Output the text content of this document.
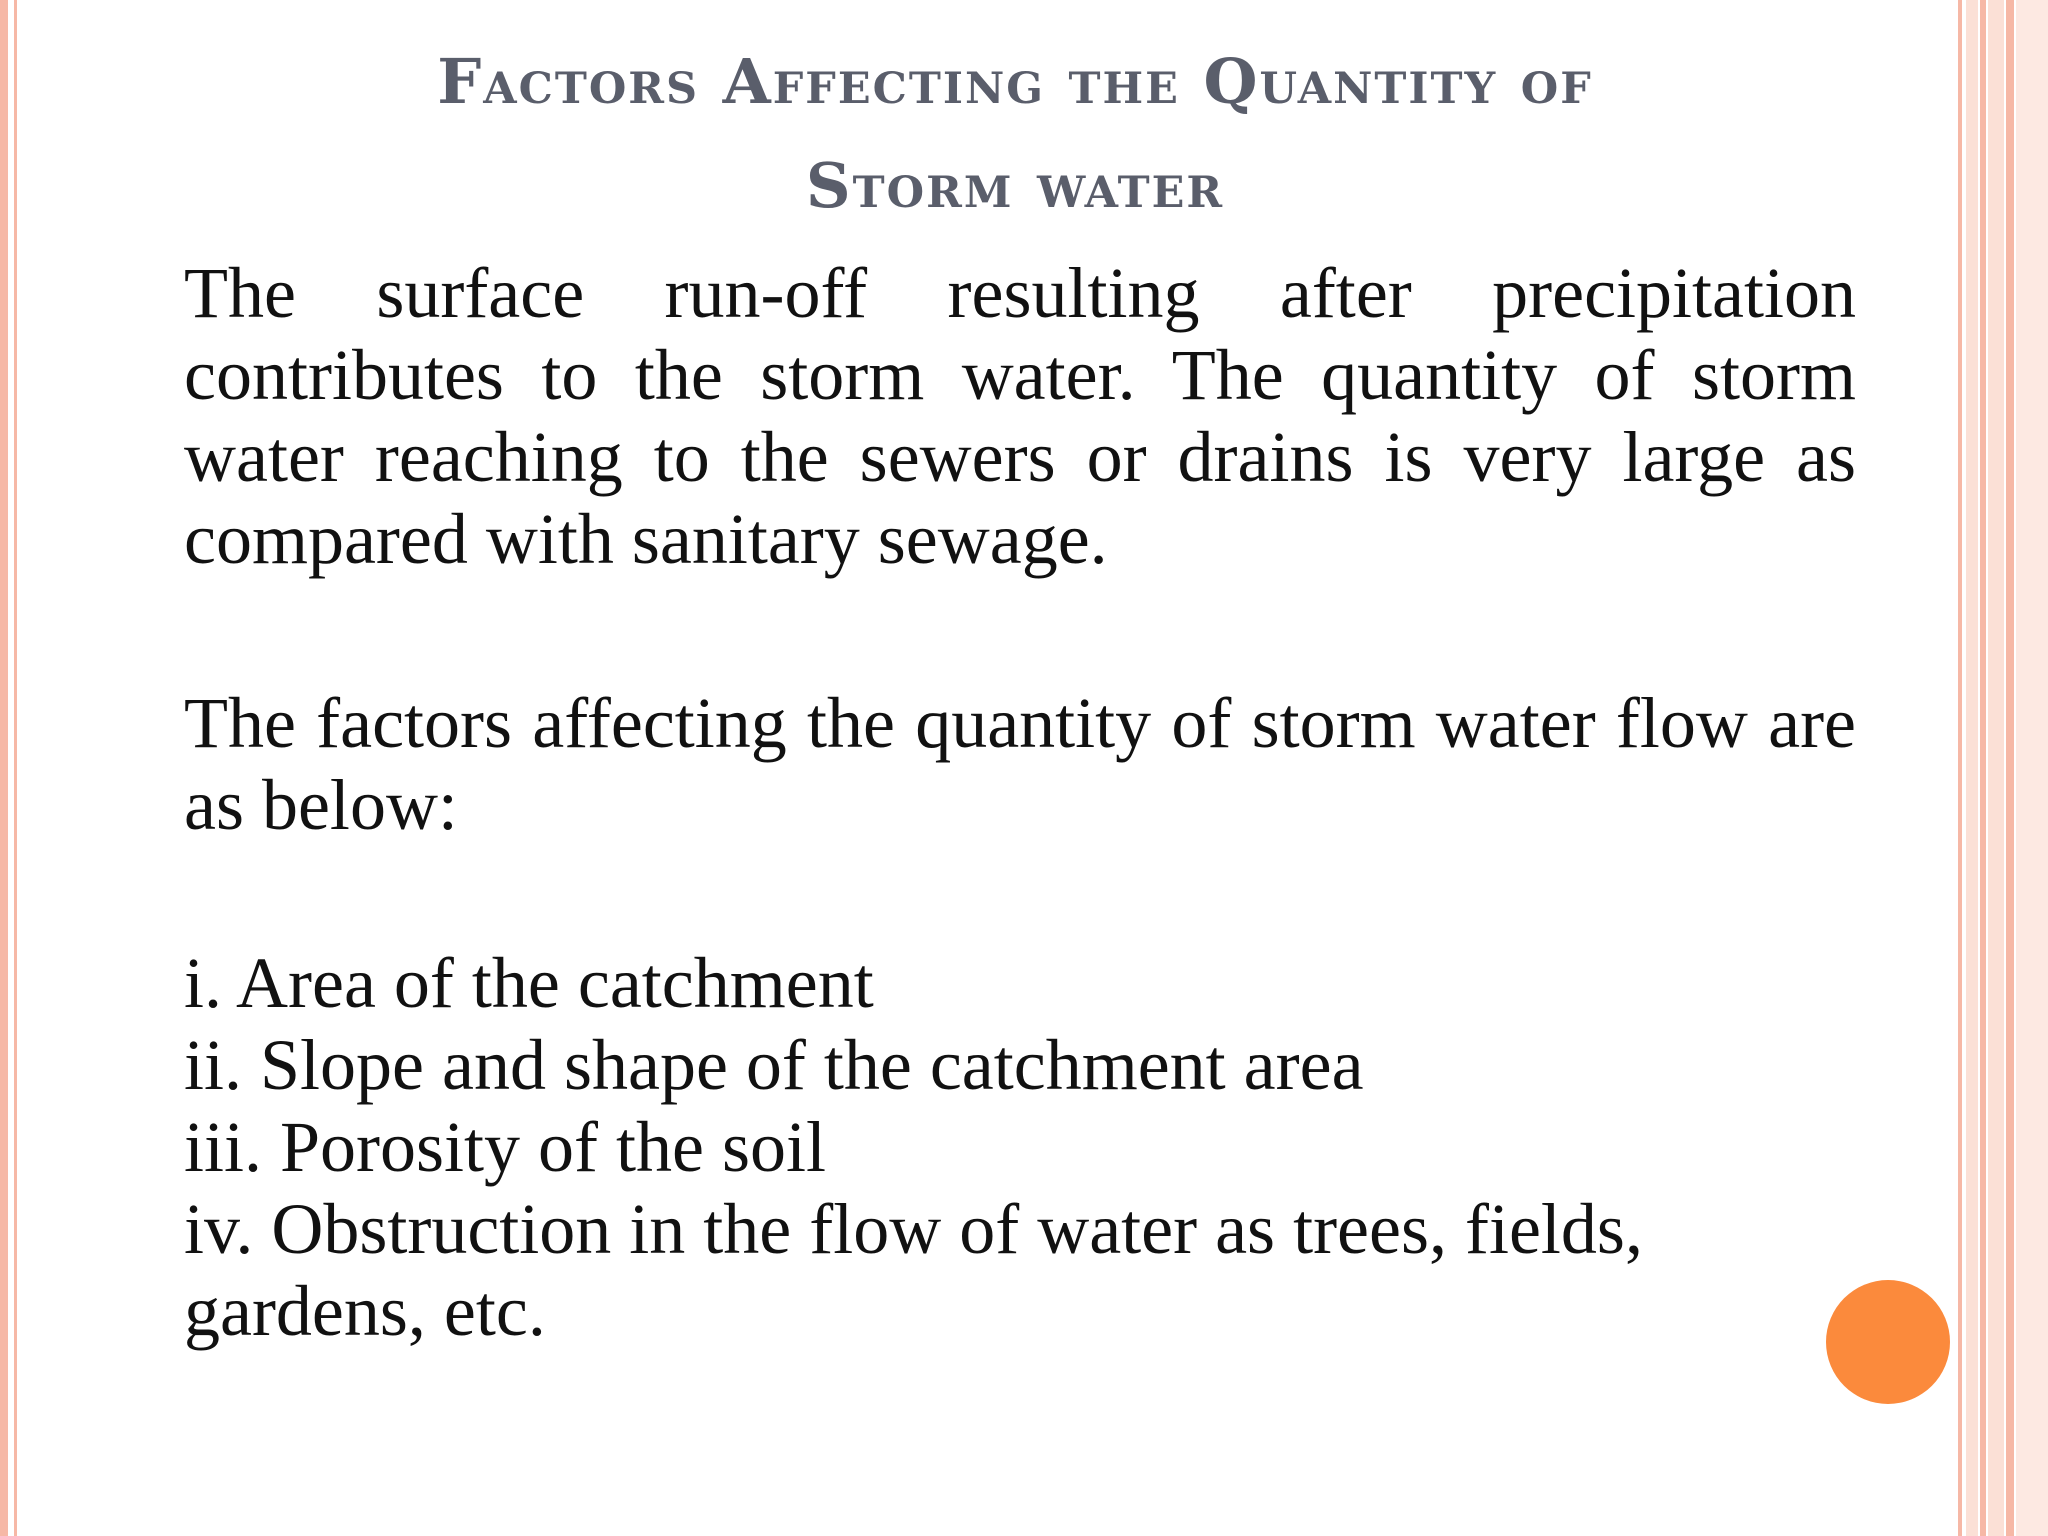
Factors Affecting the Quantity of
Storm water
The surface run-off resulting after precipitation contributes to the storm water. The quantity of storm water reaching to the sewers or drains is very large as compared with sanitary sewage.
The factors affecting the quantity of storm water flow are as below:
i. Area of the catchment
ii. Slope and shape of the catchment area
iii. Porosity of the soil
iv. Obstruction in the flow of water as trees, fields, gardens, etc.
